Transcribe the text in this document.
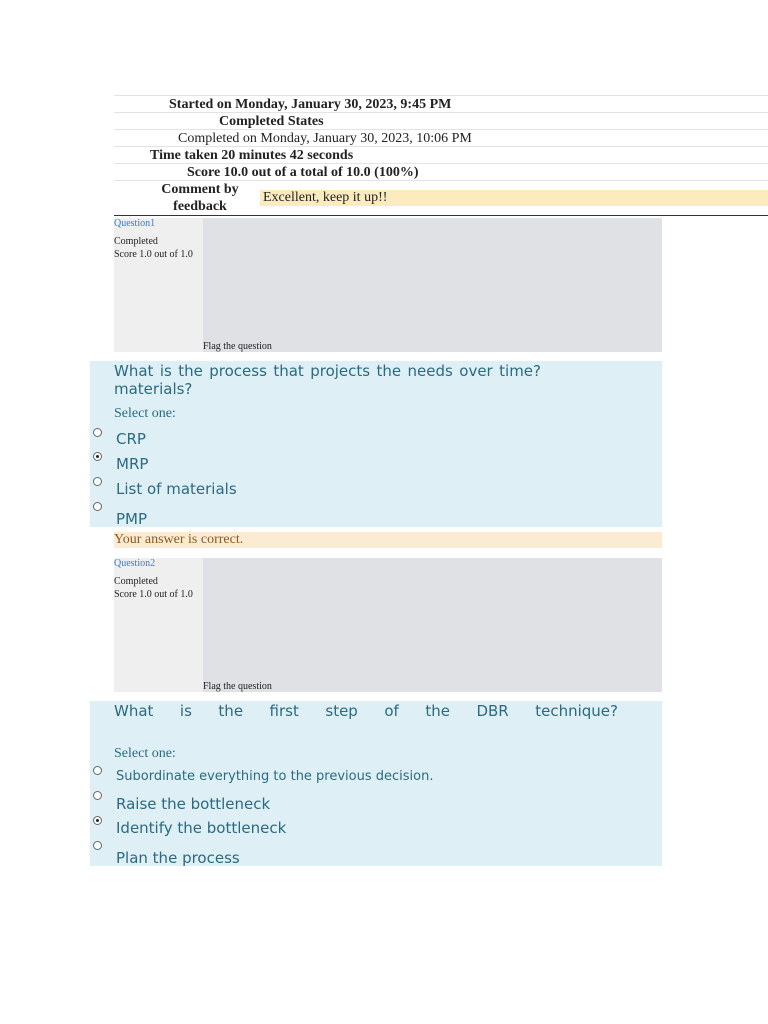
Started on Monday, January 30, 2023, 9:45 PM
Completed States
Completed on Monday, January 30, 2023, 10:06 PM
Time taken 20 minutes 42 seconds
Score 10.0 out of a total of 10.0 (100%)
Comment by feedback
Excellent, keep it up!!
Question1
Completed
Score 1.0 out of 1.0
Flag the question
What is the process that projects the needs over time?
materials?
Select one:
CRP
MRP
List of materials
PMP
Your answer is correct.
Question2
Completed
Score 1.0 out of 1.0
Flag the question
What is the first step of the DBR technique?
Select one:
Subordinate everything to the previous decision.
Raise the bottleneck
Identify the bottleneck
Plan the process
